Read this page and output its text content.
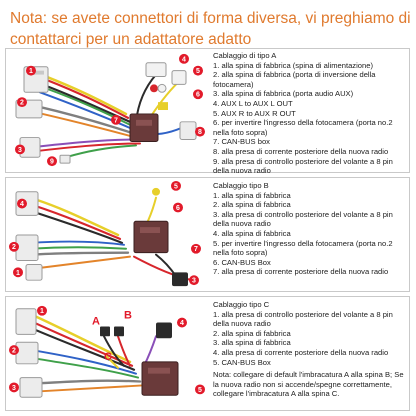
Nota: se avete connettori di forma diversa, vi preghiamo di
contattarci per un adattatore adatto
1
2
3
4
5
6
7
8
9
Cablaggio di tipo A
1. alla spina di fabbrica (spina di alimentazione)
2. alla spina di fabbrica (porta di inversione della fotocamera)
3. alla spina di fabbrica (porta audio AUX)
4. AUX L to AUX L OUT
5. AUX R to AUX R OUT
6. per invertire l'ingresso della fotocamera (porta no.2 nella foto sopra)
7. CAN-BUS box
8. alla presa di corrente posteriore della nuova radio
9. alla presa di controllo posteriore del volante a 8 pin della nuova radio
4
2
1
5
6
7
3
Cablaggio tipo B
1. alla spina di fabbrica
2. alla spina di fabbrica
3. alla presa di controllo posteriore del volante a 8 pin della nuova radio
4. alla spina di fabbrica
5. per invertire l'ingresso della fotocamera (porta no.2 nella foto sopra)
6. CAN-BUS Box
7. alla presa di corrente posteriore della nuova radio
1
2
3
4
5
A B
C
Cablaggio tipo C
1. alla presa di controllo posteriore del volante a 8 pin della nuova radio
2. alla spina di fabbrica
3. alla spina di fabbrica
4. alla presa di corrente posteriore della nuova radio
5. CAN-BUS Box
Nota: collegare di default l'imbracatura A alla spina B; Se la nuova radio non si accende/spegne correttamente, collegare l'imbracatura A alla spina C.
